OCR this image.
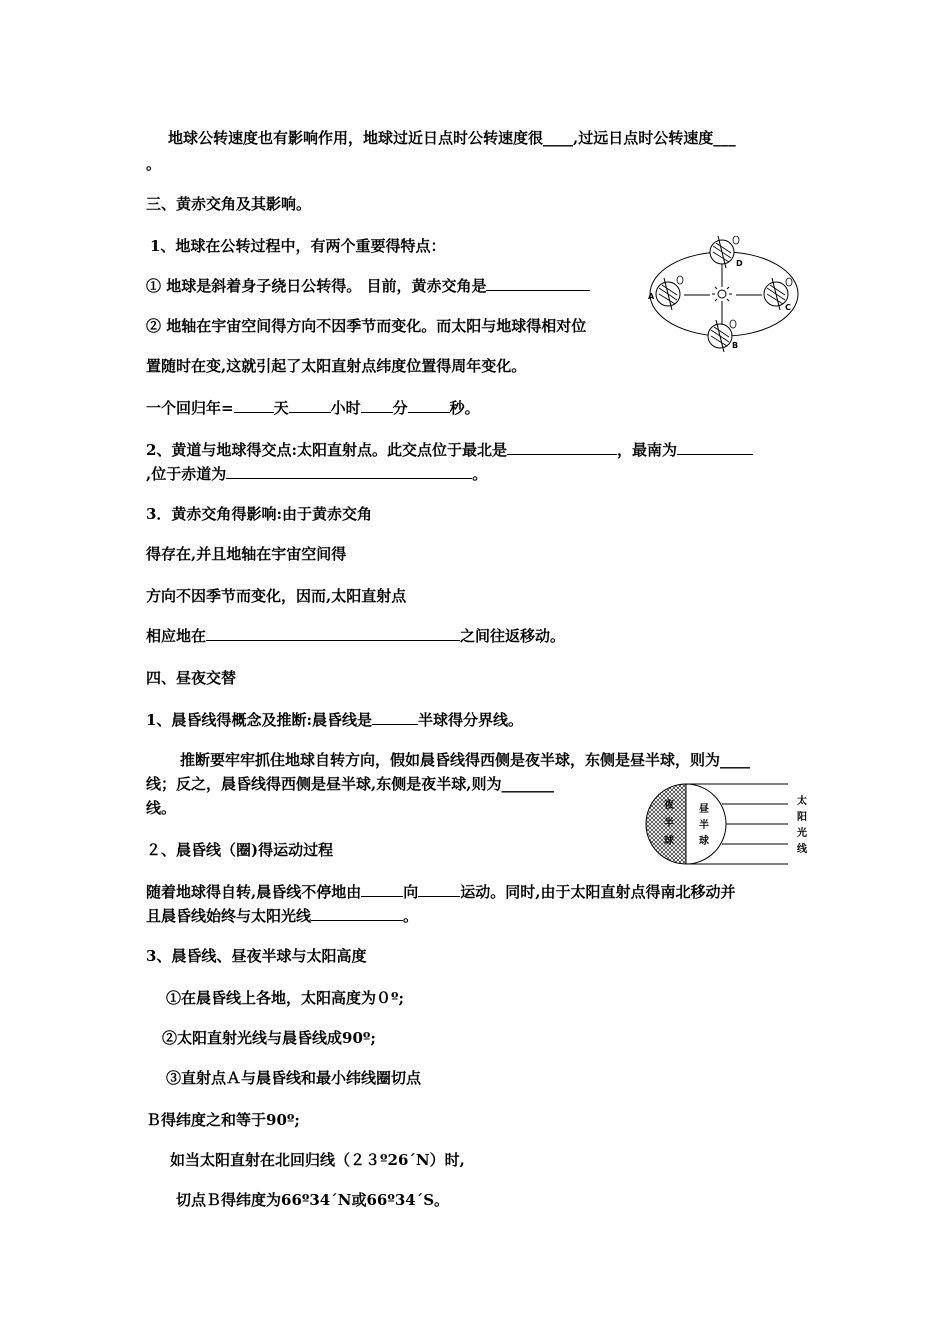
地球公转速度也有影响作用，地球过近日点时公转速度很____,过远日点时公转速度___
。
三、黄赤交角及其影响。
1、地球在公转过程中，有两个重要得特点：
① 地球是斜着身子绕日公转得。 目前，黄赤交角是
② 地轴在宇宙空间得方向不因季节而变化。而太阳与地球得相对位
置随时在变,这就引起了太阳直射点纬度位置得周年变化。
一个回归年=	天	小时 分	秒。
2、黄道与地球得交点:太阳直射点。此交点位于最北是	，最南为
,位于赤道为	。
3．黄赤交角得影响:由于黄赤交角
得存在,并且地轴在宇宙空间得
方向不因季节而变化，因而,太阳直射点
相应地在	之间往返移动。
A
D
C
B
四、昼夜交替
1、晨昏线得概念及推断:晨昏线是	半球得分界线。
推断要牢牢抓住地球自转方向，假如晨昏线得西侧是夜半球，东侧是昼半球，则为____
线；反之，晨昏线得西侧是昼半球,东侧是夜半球,则为_______
线。
２、晨昏线（圈)得运动过程
随着地球得自转,晨昏线不停地由	向	运动。同时,由于太阳直射点得南北移动并
且晨昏线始终与太阳光线	。
3、晨昏线、昼夜半球与太阳高度
①在晨昏线上各地，太阳高度为０º;
②太阳直射光线与晨昏线成90º;
③直射点Ａ与晨昏线和最小纬线圈切点
Ｂ得纬度之和等于90º;
如当太阳直射在北回归线（２３º26´N）时,
切点Ｂ得纬度为66º34´N或66º34´S。
夜
半
球
昼
半
球
太
阳
光
线
